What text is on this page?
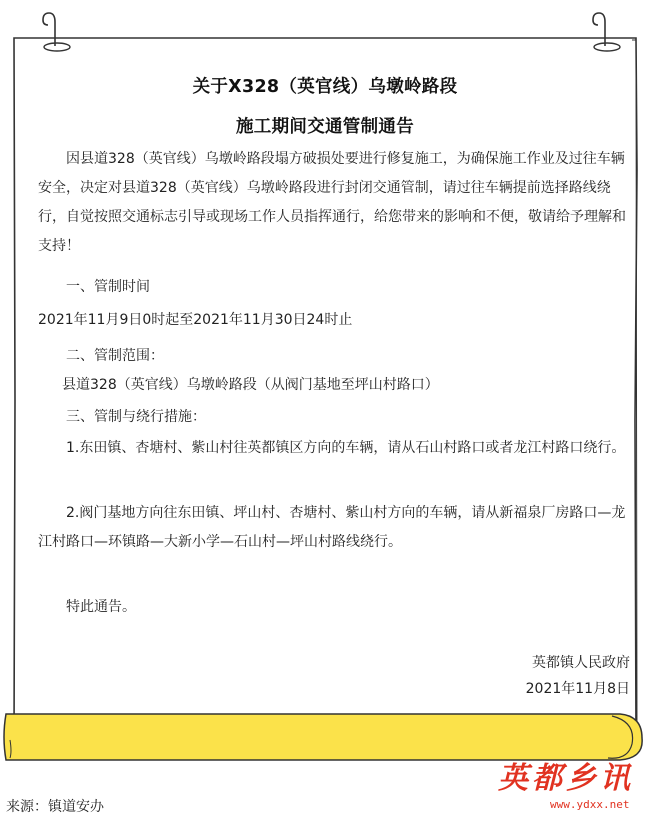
关于X328（英官线）乌墩岭路段
施工期间交通管制通告
因县道328（英官线）乌墩岭路段塌方破损处要进行修复施工，为确保施工作业及过往车辆安全，决定对县道328（英官线）乌墩岭路段进行封闭交通管制，请过往车辆提前选择路线绕行，自觉按照交通标志引导或现场工作人员指挥通行，给您带来的影响和不便，敬请给予理解和支持！
一、管制时间
2021年11月9日0时起至2021年11月30日24时止
二、管制范围：
县道328（英官线）乌墩岭路段（从阀门基地至坪山村路口）
三、管制与绕行措施：
1.东田镇、杏塘村、紫山村往英都镇区方向的车辆，请从石山村路口或者龙江村路口绕行。
2.阀门基地方向往东田镇、坪山村、杏塘村、紫山村方向的车辆，请从新福泉厂房路口—龙江村路口—环镇路—大新小学—石山村—坪山村路线绕行。
特此通告。
英都镇人民政府
2021年11月8日
来源：镇道安办
英都乡讯
www.ydxx.net
